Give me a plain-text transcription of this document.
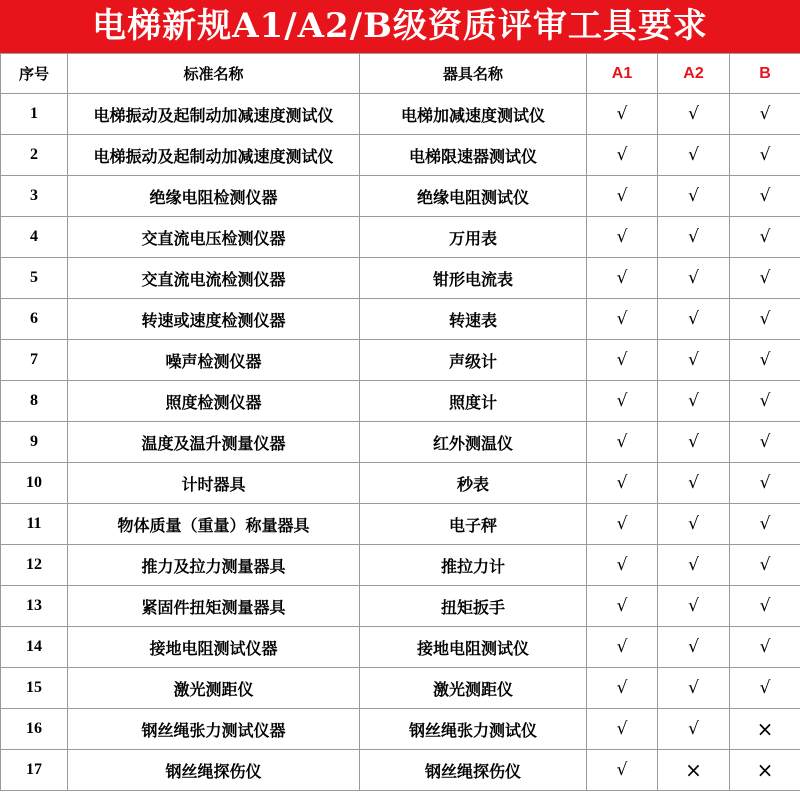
电梯新规A1/A2/B级资质评审工具要求
序号	标准名称	器具名称	A1	A2	B
1	电梯振动及起制动加减速度测试仪	电梯加减速度测试仪	√	√	√
2	电梯振动及起制动加减速度测试仪	电梯限速器测试仪	√	√	√
3	绝缘电阻检测仪器	绝缘电阻测试仪	√	√	√
4	交直流电压检测仪器	万用表	√	√	√
5	交直流电流检测仪器	钳形电流表	√	√	√
6	转速或速度检测仪器	转速表	√	√	√
7	噪声检测仪器	声级计	√	√	√
8	照度检测仪器	照度计	√	√	√
9	温度及温升测量仪器	红外测温仪	√	√	√
10	计时器具	秒表	√	√	√
11	物体质量（重量）称量器具	电子秤	√	√	√
12	推力及拉力测量器具	推拉力计	√	√	√
13	紧固件扭矩测量器具	扭矩扳手	√	√	√
14	接地电阻测试仪器	接地电阻测试仪	√	√	√
15	激光测距仪	激光测距仪	√	√	√
16	钢丝绳张力测试仪器	钢丝绳张力测试仪	√	√	×
17	钢丝绳探伤仪	钢丝绳探伤仪	√	×	×
